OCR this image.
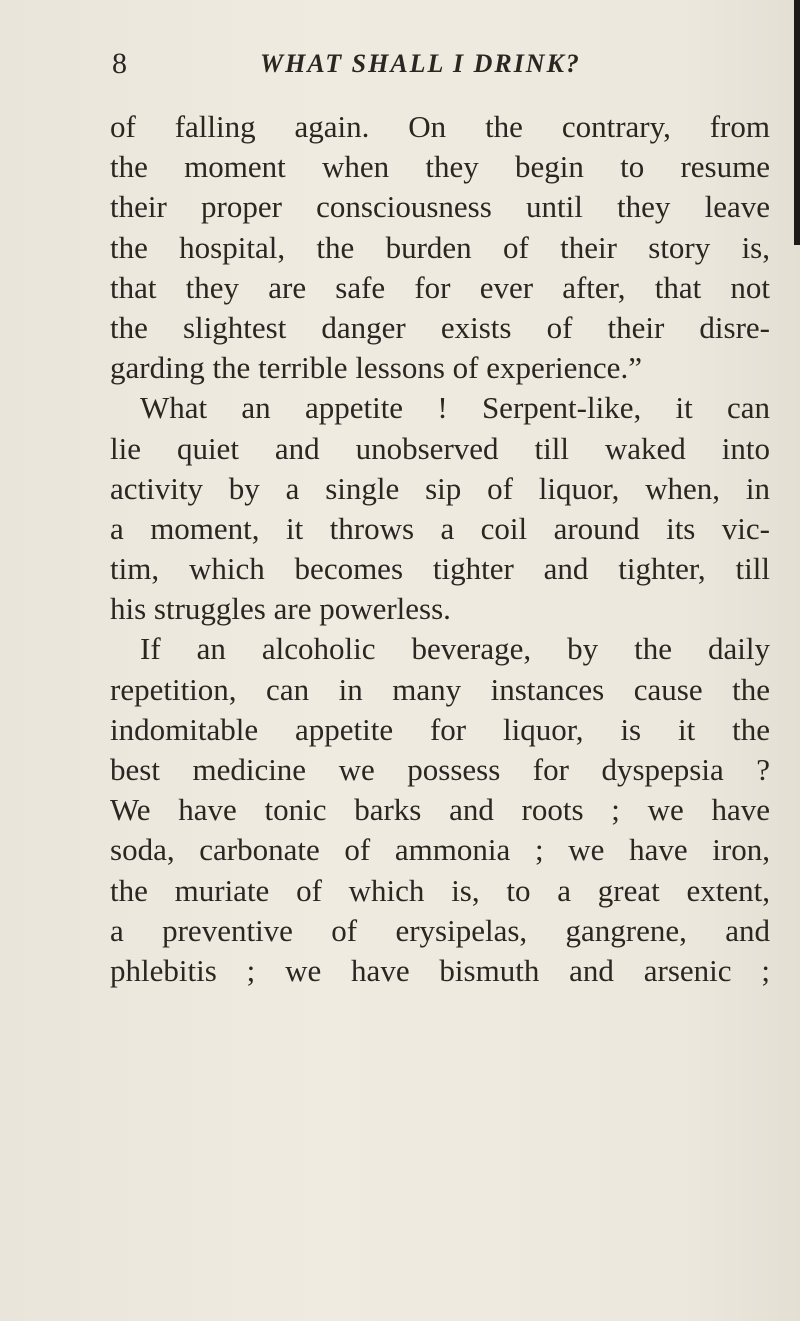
8	WHAT SHALL I DRINK?
of falling again. On the contrary, from
the moment when they begin to resume
their proper consciousness until they leave
the hospital, the burden of their story is,
that they are safe for ever after, that not
the slightest danger exists of their disre-
garding the terrible lessons of experience.”
What an appetite ! Serpent-like, it can
lie quiet and unobserved till waked into
activity by a single sip of liquor, when, in
a moment, it throws a coil around its vic-
tim, which becomes tighter and tighter, till
his struggles are powerless.
If an alcoholic beverage, by the daily
repetition, can in many instances cause the
indomitable appetite for liquor, is it the
best medicine we possess for dyspepsia ?
We have tonic barks and roots ; we have
soda, carbonate of ammonia ; we have iron,
the muriate of which is, to a great extent,
a preventive of erysipelas, gangrene, and
phlebitis ; we have bismuth and arsenic ;
